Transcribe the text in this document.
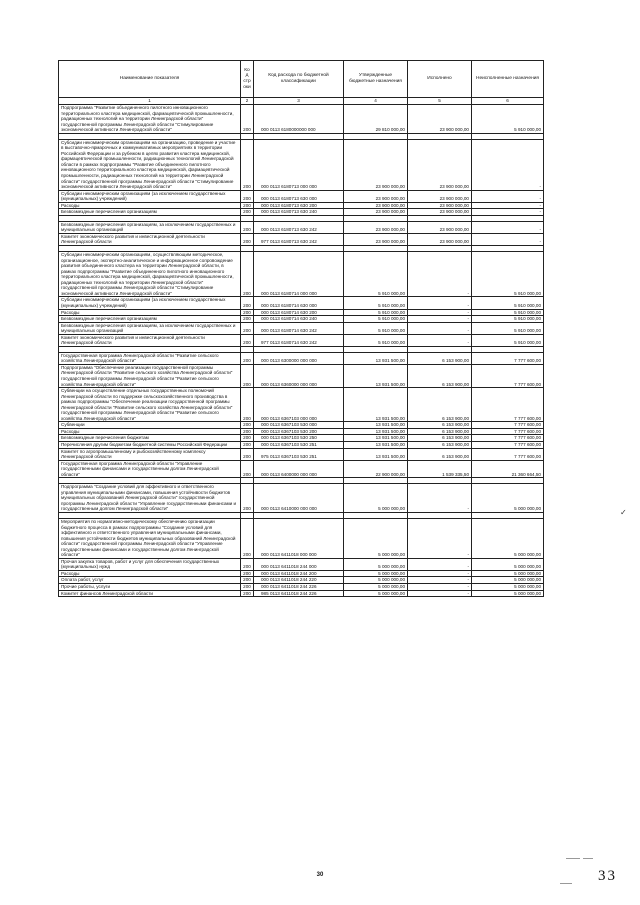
Наименование показателя	Код строки	Код расхода по бюджетной классификации	Утвержденные бюджетные назначения	Исполнено	Неисполненные назначения
1	2	3	4	5	6
Подпрограмма "Развитие объединенного пилотного инновационного территориального кластера медицинской, фармацевтической промышленности, радиационных технологий на территории Ленинградской области" государственной программы Ленинградской области "Стимулирование экономической активности Ленинградской области"	200	000 0113 6180000000 000	29 810 000,00	23 900 000,00	5 910 000,00

Субсидии некоммерческим организациям на организацию, проведение и участие в выставочно-ярмарочных и коммуникативных мероприятиях в территории Российской Федерации и за рубежом в целях развития кластера медицинской, фармацевтической промышленности, радиационных технологий Ленинградской области в рамках подпрограммы "Развитие объединенного пилотного инновационного территориального кластера медицинской, фармацевтической промышленности, радиационных технологий на территории Ленинградской области" государственной программы Ленинградской области "Стимулирование экономической активности Ленинградской области"	200	000 0113 6180713 000 000	23 900 000,00	23 900 000,00	-
Субсидии некоммерческим организациям (за исключением государственных (муниципальных) учреждений)	200	000 0113 6180713 630 000	23 900 000,00	23 900 000,00	-
Расходы	200	000 0113 6180713 630 200	23 900 000,00	23 900 000,00	-
Безвозмездные перечисления организациям	200	000 0113 6180713 630 240	23 900 000,00	23 900 000,00	-

Безвозмездные перечисления организациям, за исключением государственных и муниципальных организаций	200	000 0113 6180713 630 242	23 900 000,00	23 900 000,00	-
Комитет экономического развития и инвестиционной деятельности Ленинградской области	200	977 0113 6180713 630 242	23 900 000,00	23 900 000,00	-

Субсидии некоммерческим организациям, осуществляющим методическое, организационное, экспертно-аналитическое и информационное сопровождение развития объединенного кластера на территории Ленинградской области, в рамках подпрограммы "Развитие объединенного пилотного инновационного территориального кластера медицинской, фармацевтической промышленности, радиационных технологий на территории Ленинградской области" государственной программы Ленинградской области "Стимулирование экономической активности Ленинградской области"	200	000 0113 6180714 000 000	5 910 000,00	-	5 910 000,00
Субсидии некоммерческим организациям (за исключением государственных (муниципальных) учреждений)	200	000 0113 6180714 630 000	5 910 000,00	-	5 910 000,00
Расходы	200	000 0113 6180714 630 200	5 910 000,00	-	5 910 000,00
Безвозмездные перечисления организациям	200	000 0113 6180714 630 240	5 910 000,00	-	5 910 000,00
Безвозмездные перечисления организациям, за исключением государственных и муниципальных организаций	200	000 0113 6180714 630 242	5 910 000,00	-	5 910 000,00
Комитет экономического развития и инвестиционной деятельности Ленинградской области	200	977 0113 6180714 630 242	5 910 000,00	-	5 910 000,00

Государственная программа Ленинградской области "Развитие сельского хозяйства Ленинградской области"	200	000 0113 6300000 000 000	13 931 500,00	6 153 900,00	7 777 600,00
Подпрограмма "Обеспечение реализации государственной программы Ленинградской области "Развитие сельского хозяйства Ленинградской области" государственной программы Ленинградской области "Развитие сельского хозяйства Ленинградской области"	200	000 0113 6360000 000 000	13 931 500,00	6 153 900,00	7 777 600,00
Субвенции на осуществление отдельных государственных полномочий Ленинградской области по поддержке сельскохозяйственного производства в рамках подпрограммы "Обеспечение реализации государственной программы Ленинградской области "Развитие сельского хозяйства Ленинградской области" государственной программы Ленинградской области "Развитие сельского хозяйства Ленинградской области"	200	000 0113 6367103 000 000	13 931 500,00	6 153 900,00	7 777 600,00
Субвенции	200	000 0113 6367103 530 000	13 931 500,00	6 153 900,00	7 777 600,00
Расходы	200	000 0113 6367103 530 200	13 931 500,00	6 153 900,00	7 777 600,00
Безвозмездные перечисления бюджетам	200	000 0113 6367103 530 250	13 931 500,00	6 153 900,00	7 777 600,00
Перечисления другим бюджетам бюджетной системы Российской Федерации	200	000 0113 6367103 530 251	13 931 500,00	6 153 900,00	7 777 600,00
Комитет по агропромышленному и рыбохозяйственному комплексу Ленинградской области	200	975 0113 6367103 530 251	13 931 500,00	6 153 900,00	7 777 600,00
Государственная программа Ленинградской области "Управление государственными финансами и государственным долгом Ленинградской области"	200	000 0113 6400000 000 000	22 900 000,00	1 539 335,50	21 360 664,50

Подпрограмма "Создание условий для эффективного и ответственного управления муниципальными финансами, повышения устойчивости бюджетов муниципальных образований Ленинградской области" государственной программы Ленинградской области "Управление государственными финансами и государственным долгом Ленинградской области"	200	000 0113 6410000 000 000	5 000 000,00	-	5 000 000,00

Мероприятия по нормативно-методическому обеспечению организации бюджетного процесса в рамках подпрограммы "Создание условий для эффективного и ответственного управления муниципальными финансами, повышения устойчивости бюджетов муниципальных образований Ленинградской области" государственной программы Ленинградской области "Управление государственными финансами и государственным долгом Ленинградской области"	200	000 0113 6411018 000 000	5 000 000,00	-	5 000 000,00
Прочая закупка товаров, работ и услуг для обеспечения государственных (муниципальных) нужд	200	000 0113 6411018 244 000	5 000 000,00	-	5 000 000,00
Расходы	200	000 0113 6411018 244 200	5 000 000,00	-	5 000 000,00
Оплата работ, услуг	200	000 0113 6411018 244 220	5 000 000,00	-	5 000 000,00
Прочие работы, услуги	200	000 0113 6411018 244 226	5 000 000,00	-	5 000 000,00
Комитет финансов Ленинградской области	200	985 0113 6411018 244 226	5 000 000,00	-	5 000 000,00
✓
30	33
